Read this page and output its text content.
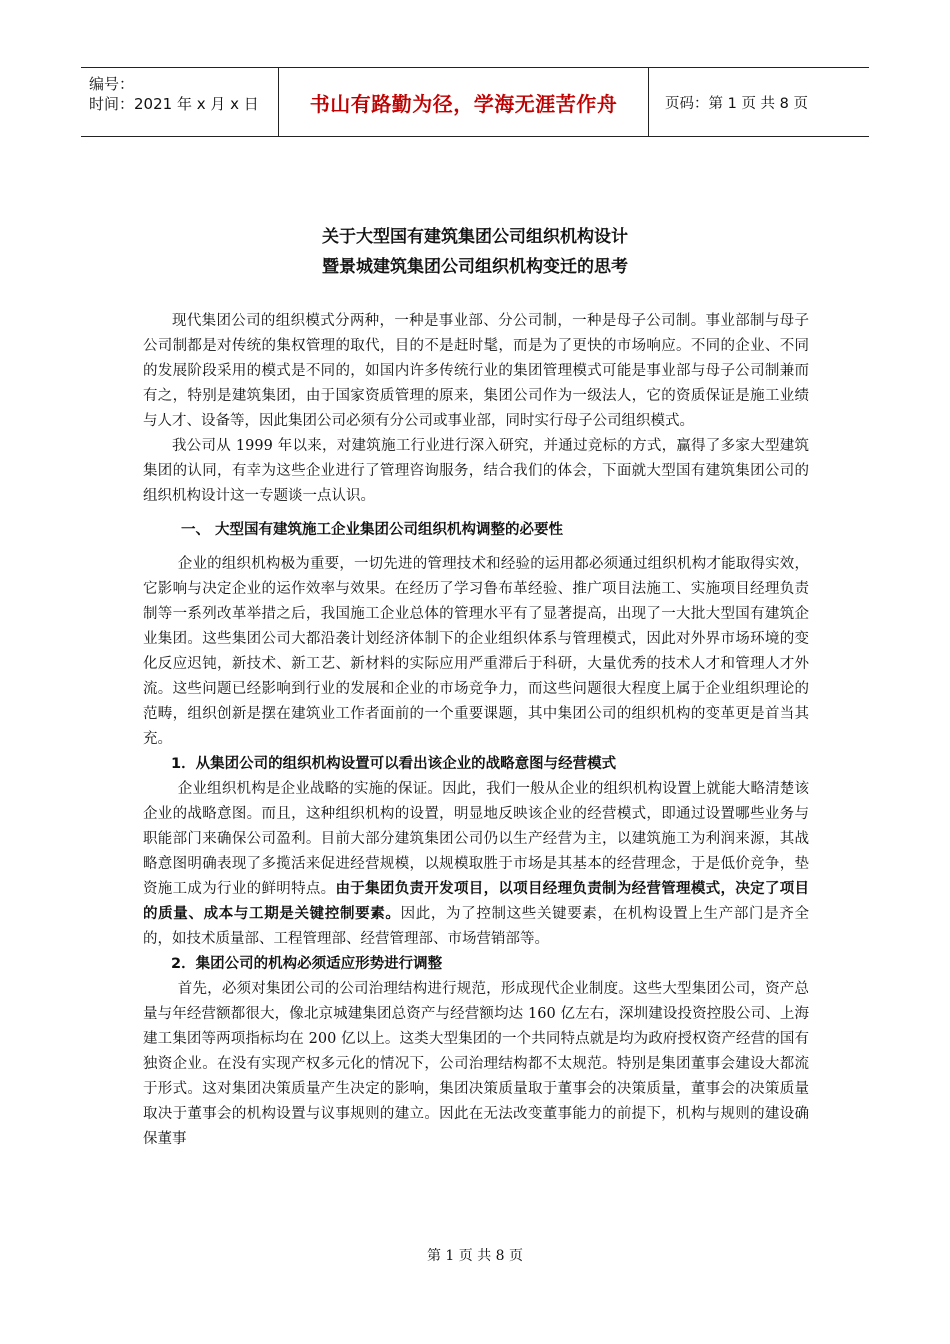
编号：
时间：2021 年 x 月 x 日	书山有路勤为径，学海无涯苦作舟	页码：第 1 页 共 8 页
关于大型国有建筑集团公司组织机构设计
暨景城建筑集团公司组织机构变迁的思考

现代集团公司的组织模式分两种，一种是事业部、分公司制，一种是母子公司制。事业部制与母子公司制都是对传统的集权管理的取代，目的不是赶时髦，而是为了更快的市场响应。不同的企业、不同的发展阶段采用的模式是不同的，如国内许多传统行业的集团管理模式可能是事业部与母子公司制兼而有之，特别是建筑集团，由于国家资质管理的原来，集团公司作为一级法人，它的资质保证是施工业绩与人才、设备等，因此集团公司必须有分公司或事业部，同时实行母子公司组织模式。

我公司从 1999 年以来，对建筑施工行业进行深入研究，并通过竞标的方式，赢得了多家大型建筑集团的认同，有幸为这些企业进行了管理咨询服务，结合我们的体会，下面就大型国有建筑集团公司的组织机构设计这一专题谈一点认识。

一、 大型国有建筑施工企业集团公司组织机构调整的必要性

企业的组织机构极为重要，一切先进的管理技术和经验的运用都必须通过组织机构才能取得实效，它影响与决定企业的运作效率与效果。在经历了学习鲁布革经验、推广项目法施工、实施项目经理负责制等一系列改革举措之后，我国施工企业总体的管理水平有了显著提高，出现了一大批大型国有建筑企业集团。这些集团公司大都沿袭计划经济体制下的企业组织体系与管理模式，因此对外界市场环境的变化反应迟钝，新技术、新工艺、新材料的实际应用严重滞后于科研，大量优秀的技术人才和管理人才外流。这些问题已经影响到行业的发展和企业的市场竞争力，而这些问题很大程度上属于企业组织理论的范畴，组织创新是摆在建筑业工作者面前的一个重要课题，其中集团公司的组织机构的变革更是首当其充。

1．从集团公司的组织机构设置可以看出该企业的战略意图与经营模式

企业组织机构是企业战略的实施的保证。因此，我们一般从企业的组织机构设置上就能大略清楚该企业的战略意图。而且，这种组织机构的设置，明显地反映该企业的经营模式，即通过设置哪些业务与职能部门来确保公司盈利。目前大部分建筑集团公司仍以生产经营为主，以建筑施工为利润来源，其战略意图明确表现了多揽活来促进经营规模，以规模取胜于市场是其基本的经营理念，于是低价竞争，垫资施工成为行业的鲜明特点。由于集团负责开发项目，以项目经理负责制为经营管理模式，决定了项目的质量、成本与工期是关键控制要素。因此，为了控制这些关键要素，在机构设置上生产部门是齐全的，如技术质量部、工程管理部、经营管理部、市场营销部等。

2．集团公司的机构必须适应形势进行调整

首先，必须对集团公司的公司治理结构进行规范，形成现代企业制度。这些大型集团公司，资产总量与年经营额都很大，像北京城建集团总资产与经营额均达 160 亿左右，深圳建设投资控股公司、上海建工集团等两项指标均在 200 亿以上。这类大型集团的一个共同特点就是均为政府授权资产经营的国有独资企业。在没有实现产权多元化的情况下，公司治理结构都不太规范。特别是集团董事会建设大都流于形式。这对集团决策质量产生决定的影响，集团决策质量取于董事会的决策质量，董事会的决策质量取决于董事会的机构设置与议事规则的建立。因此在无法改变董事能力的前提下，机构与规则的建设确保董事

第 1 页 共 8 页
